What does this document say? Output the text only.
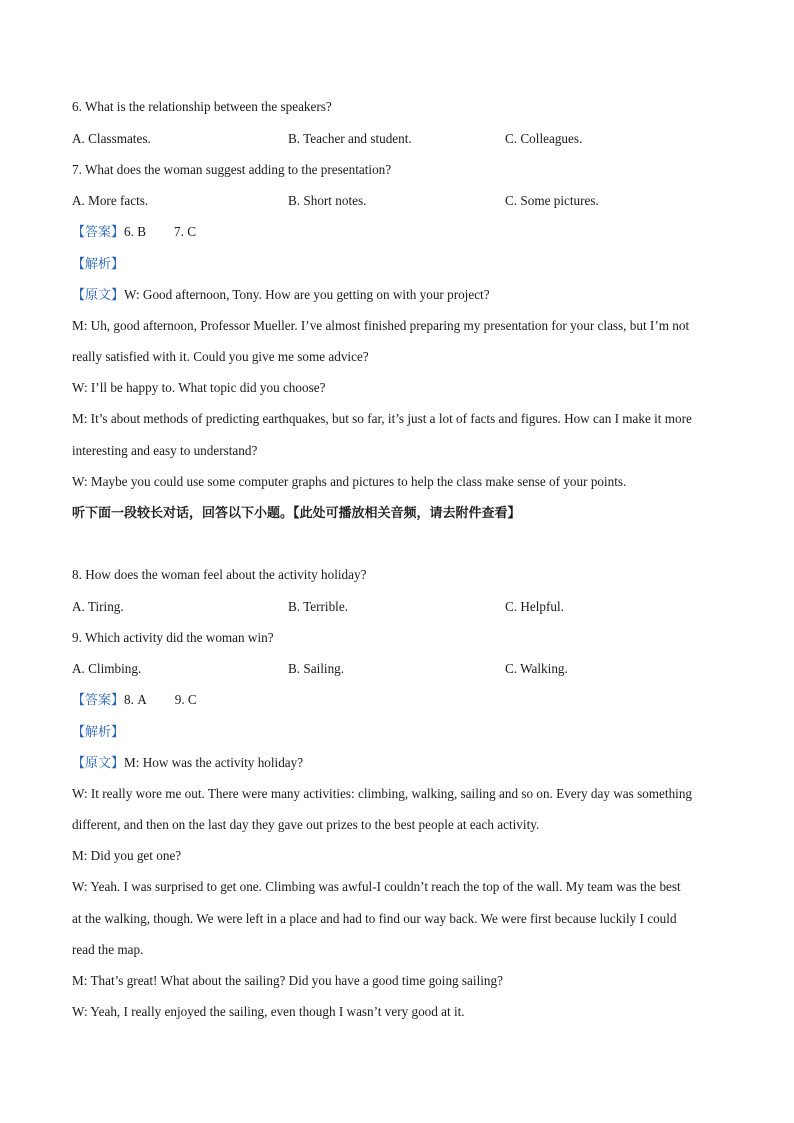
6. What is the relationship between the speakers?
A. Classmates.	B. Teacher and student.	C. Colleagues.
7. What does the woman suggest adding to the presentation?
A. More facts.	B. Short notes.	C. Some pictures.
【答案】6. B 7. C
【解析】
【原文】W: Good afternoon, Tony. How are you getting on with your project?
M: Uh, good afternoon, Professor Mueller. I’ve almost finished preparing my presentation for your class, but I’m not
really satisfied with it. Could you give me some advice?
W: I’ll be happy to. What topic did you choose?
M: It’s about methods of predicting earthquakes, but so far, it’s just a lot of facts and figures. How can I make it more
interesting and easy to understand?
W: Maybe you could use some computer graphs and pictures to help the class make sense of your points.
听下面一段较长对话，回答以下小题。【此处可播放相关音频，请去附件查看】
8. How does the woman feel about the activity holiday?
A. Tiring.	B. Terrible.	C. Helpful.
9. Which activity did the woman win?
A. Climbing.	B. Sailing.	C. Walking.
【答案】8. A 9. C
【解析】
【原文】M: How was the activity holiday?
W: It really wore me out. There were many activities: climbing, walking, sailing and so on. Every day was something
different, and then on the last day they gave out prizes to the best people at each activity.
M: Did you get one?
W: Yeah. I was surprised to get one. Climbing was awful-I couldn’t reach the top of the wall. My team was the best
at the walking, though. We were left in a place and had to find our way back. We were first because luckily I could
read the map.
M: That’s great! What about the sailing? Did you have a good time going sailing?
W: Yeah, I really enjoyed the sailing, even though I wasn’t very good at it.
